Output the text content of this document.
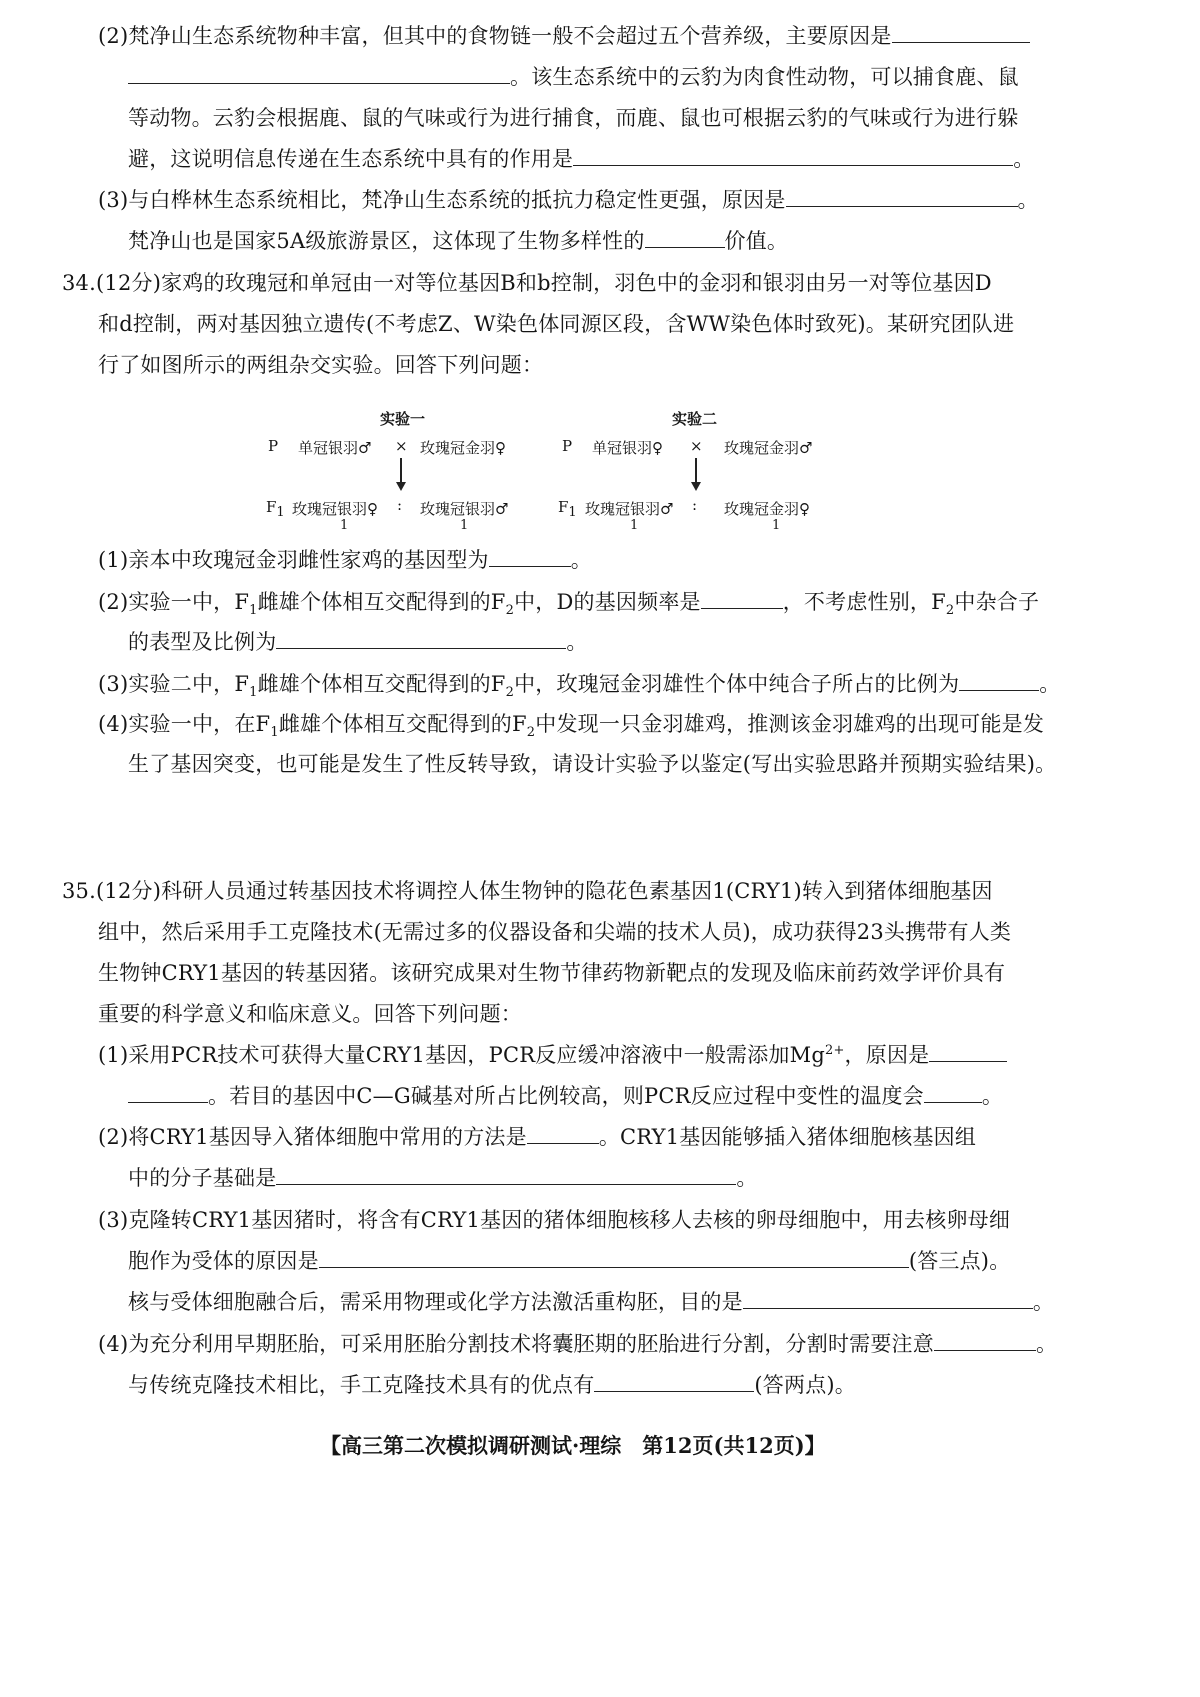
(2)梵净山生态系统物种丰富，但其中的食物链一般不会超过五个营养级，主要原因是
。该生态系统中的云豹为肉食性动物，可以捕食鹿、鼠
等动物。云豹会根据鹿、鼠的气味或行为进行捕食，而鹿、鼠也可根据云豹的气味或行为进行躲
避，这说明信息传递在生态系统中具有的作用是	。
(3)与白桦林生态系统相比，梵净山生态系统的抵抗力稳定性更强，原因是	。
梵净山也是国家5A级旅游景区，这体现了生物多样性的	价值。
34.(12分)家鸡的玫瑰冠和单冠由一对等位基因B和b控制，羽色中的金羽和银羽由另一对等位基因D
和d控制，两对基因独立遗传(不考虑Z、W染色体同源区段，含WW染色体时致死)。某研究团队进
行了如图所示的两组杂交实验。回答下列问题：
实验一
P 单冠银羽♂ × 玫瑰冠金羽♀
$F_1$ 玫瑰冠银羽♀ : 玫瑰冠银羽♂
1	1
实验二
P 单冠银羽♀ × 玫瑰冠金羽♂
$F_1$ 玫瑰冠银羽♂ : 玫瑰冠金羽♀
1	1
(1)亲本中玫瑰冠金羽雌性家鸡的基因型为	。
(2)实验一中，$F_1$雌雄个体相互交配得到的$F_2$中，D的基因频率是	，不考虑性别，$F_2$中杂合子
的表型及比例为	。
(3)实验二中，$F_1$雌雄个体相互交配得到的$F_2$中，玫瑰冠金羽雄性个体中纯合子所占的比例为	。
(4)实验一中，在$F_1$雌雄个体相互交配得到的$F_2$中发现一只金羽雄鸡，推测该金羽雄鸡的出现可能是发
生了基因突变，也可能是发生了性反转导致，请设计实验予以鉴定(写出实验思路并预期实验结果)。
35.(12分)科研人员通过转基因技术将调控人体生物钟的隐花色素基因1(CRY1)转入到猪体细胞基因
组中，然后采用手工克隆技术(无需过多的仪器设备和尖端的技术人员)，成功获得23头携带有人类
生物钟CRY1基因的转基因猪。该研究成果对生物节律药物新靶点的发现及临床前药效学评价具有
重要的科学意义和临床意义。回答下列问题：
(1)采用PCR技术可获得大量CRY1基因，PCR反应缓冲溶液中一般需添加$Mg^{2+}$，原因是
。若目的基因中C—G碱基对所占比例较高，则PCR反应过程中变性的温度会	。
(2)将CRY1基因导入猪体细胞中常用的方法是	。CRY1基因能够插入猪体细胞核基因组
中的分子基础是	。
(3)克隆转CRY1基因猪时，将含有CRY1基因的猪体细胞核移人去核的卵母细胞中，用去核卵母细
胞作为受体的原因是	(答三点)。
核与受体细胞融合后，需采用物理或化学方法激活重构胚，目的是	。
(4)为充分利用早期胚胎，可采用胚胎分割技术将囊胚期的胚胎进行分割，分割时需要注意	。
与传统克隆技术相比，手工克隆技术具有的优点有	(答两点)。
【高三第二次模拟调研测试·理综　第12页(共12页)】
